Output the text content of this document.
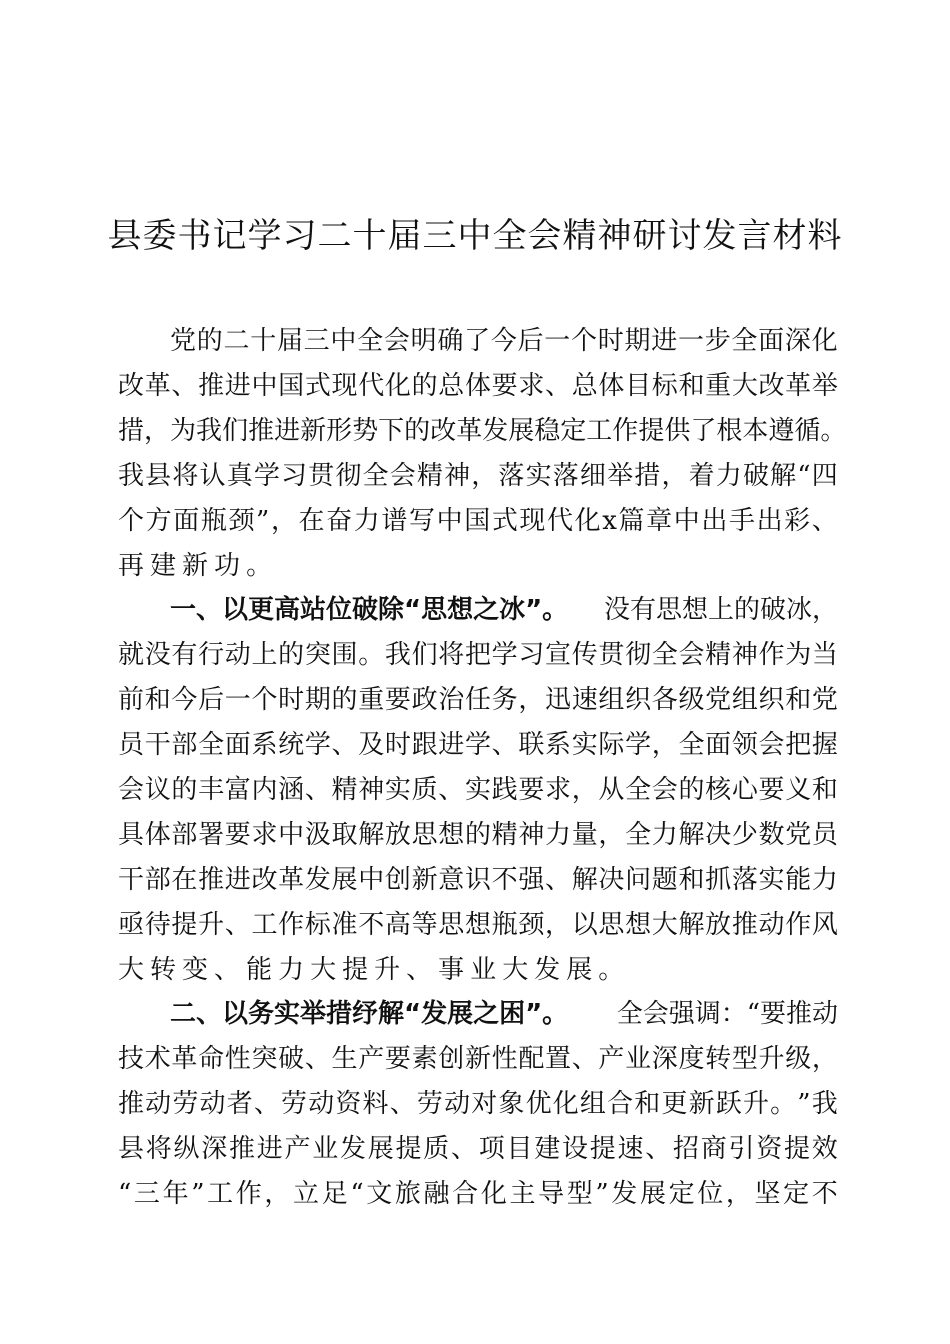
县委书记学习二十届三中全会精神研讨发言材料
党 的 二 十 届 三 中 全 会 明 确 了 今 后 一 个 时 期 进 一 步 全 面 深 化
改 革 、 推 进 中 国 式 现 代 化 的 总 体 要 求 、 总 体 目 标 和 重 大 改 革 举
措 ， 为 我 们 推 进 新 形 势 下 的 改 革 发 展 稳 定 工 作 提 供 了 根 本 遵 循 。
我 县 将 认 真 学 习 贯 彻 全 会 精 神 ， 落 实 落 细 举 措 ， 着 力 破 解 “ 四
个 方 面 瓶 颈 ” ， 在 奋 力 谱 写 中 国 式 现 代 化 x 篇 章 中 出 手 出 彩 、
再 建 新 功 。
一、以更高站位破除“思想之冰”。 没有思想上的破冰，
就 没 有 行 动 上 的 突 围 。 我 们 将 把 学 习 宣 传 贯 彻 全 会 精 神 作 为 当
前 和 今 后 一 个 时 期 的 重 要 政 治 任 务 ， 迅 速 组 织 各 级 党 组 织 和 党
员 干 部 全 面 系 统 学 、 及 时 跟 进 学 、 联 系 实 际 学 ， 全 面 领 会 把 握
会 议 的 丰 富 内 涵 、 精 神 实 质 、 实 践 要 求 ， 从 全 会 的 核 心 要 义 和
具 体 部 署 要 求 中 汲 取 解 放 思 想 的 精 神 力 量 ， 全 力 解 决 少 数 党 员
干 部 在 推 进 改 革 发 展 中 创 新 意 识 不 强 、 解 决 问 题 和 抓 落 实 能 力
亟 待 提 升 、 工 作 标 准 不 高 等 思 想 瓶 颈 ， 以 思 想 大 解 放 推 动 作 风
大 转 变 、 能 力 大 提 升 、 事 业 大 发 展 。
二、以务实举措纾解“发展之困”。 全会强调：“要推动
技 术 革 命 性 突 破 、 生 产 要 素 创 新 性 配 置 、 产 业 深 度 转 型 升 级 ，
推 动 劳 动 者 、 劳 动 资 料 、 劳 动 对 象 优 化 组 合 和 更 新 跃 升 。 ” 我
县 将 纵 深 推 进 产 业 发 展 提 质 、 项 目 建 设 提 速 、 招 商 引 资 提 效
“ 三 年 ” 工 作 ， 立 足 “ 文 旅 融 合 化 主 导 型 ” 发 展 定 位 ， 坚 定 不
